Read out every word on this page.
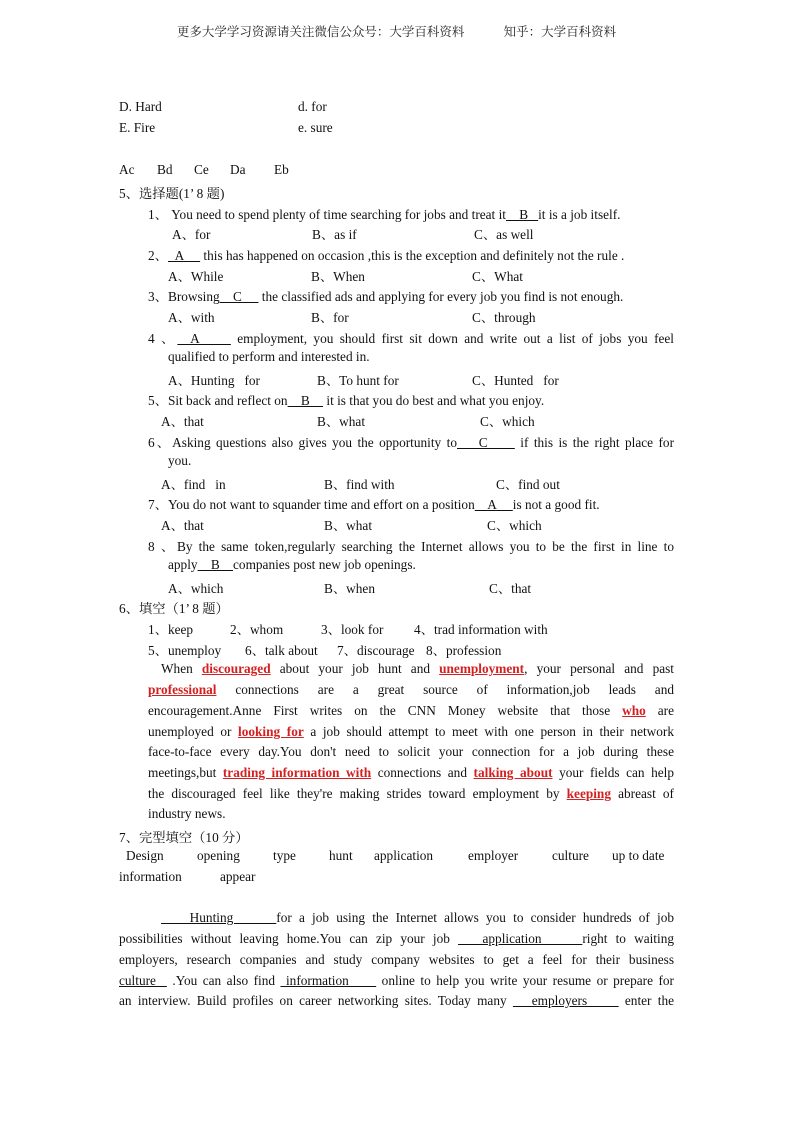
更多大学学习资源请关注微信公众号：大学百科资料	知乎：大学百科资料
D. Hard	d. for
E. Fire	e. sure
Ac Bd Ce Da Eb
5、选择题(1’ 8 题)
1、 You need to spend plenty of time searching for jobs and treat it    B   it is a job itself.
A、for	B、as if	C、as well
2、  A      this has happened on occasion ,this is the exception and definitely not the rule .
A、While	B、When	C、What
3、Browsing    C      the classified ads and applying for every job you find is not enough.
A、with	B、for	C、through
4 、  A      employment, you should first sit down and write out a list of jobs you feel
qualified to perform and interested in.
A、Hunting   for	B、To hunt for	C、Hunted   for
5、Sit back and reflect on    B     it is that you do best and what you enjoy.
A、that	B、what	C、which
6、Asking questions also gives you the opportunity to    C      if this is the right place for
you.
A、find   in	B、find with	C、find out
7、You do not want to squander time and effort on a position    A     is not a good fit.
A、that	B、what	C、which
8 、By the same token,regularly searching the Internet allows you to be the first in line to
apply    B    companies post new job openings.
A、which	B、when	C、that
6、填空（1’ 8 题）
1、keep	2、whom	3、look for 4、trad information with
5、unemploy 6、talk about 7、discourage 8、profession
When discouraged about your job hunt and unemployment, your personal and past
professional connections are a great source of information,job leads and
encouragement.Anne First writes on the CNN Money website that those who are
unemployed or looking for a job should attempt to meet with one person in their network
face-to-face every day.You don't need to solicit your connection for a job during these
meetings,but trading information with connections and talking about your fields can help
the discouraged feel like they're making strides toward employment by keeping abreast of
industry news.
7、完型填空（10 分）
Design	opening type hunt application	employer	culture up to date
information	appear
Hunting      for a job using the Internet allows you to consider hundreds of job
possibilities without leaving home.You can zip your job    application     right to waiting
employers, research companies and study company websites to get a feel for their business
culture   .You can also find  information      online to help you write your resume or prepare for
an interview. Build profiles on career networking sites. Today many    employers      enter the
